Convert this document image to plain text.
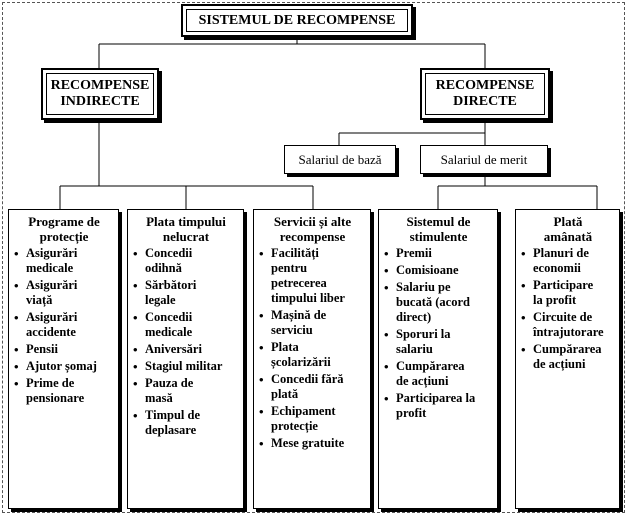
SISTEMUL DE RECOMPENSE
RECOMPENSE
INDIRECTE
RECOMPENSE
DIRECTE
Salariul de bază	Salariul de merit
Programe de
protecție
• Asigurări
medicale
• Asigurări
viață
• Asigurări
accidente
• Pensii
• Ajutor șomaj
• Prime de
pensionare
Plata timpului
nelucrat
• Concedii
odihnă
• Sărbători
legale
• Concedii
medicale
• Aniversări
• Stagiul militar
• Pauza de
masă
• Timpul de
deplasare
Servicii și alte
recompense
• Facilități
pentru
petrecerea
timpului liber
• Mașină de
serviciu
• Plata
școlarizării
• Concedii fără
plată
• Echipament
protecție
• Mese gratuite
Sistemul de
stimulente
• Premii
• Comisioane
• Salariu pe
bucată (acord
direct)
• Sporuri la
salariu
• Cumpărarea
de acțiuni
• Participarea la
profit
Plată
amânată
• Planuri de
economii
• Participare
la profit
• Circuite de
întrajutorare
• Cumpărarea
de acțiuni
